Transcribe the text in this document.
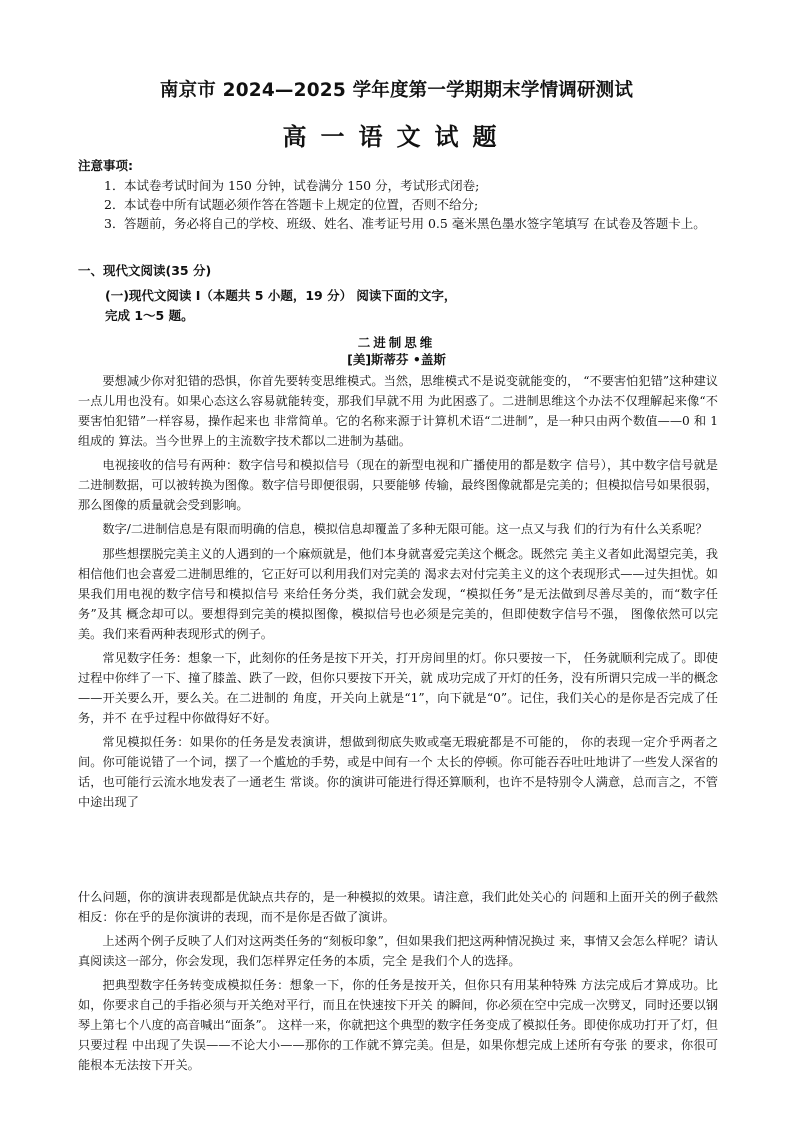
南京市 2024—2025 学年度第一学期期末学情调研测试
高一语文试题
注意事项:
1． 本试卷考试时间为 150 分钟，试卷满分 150 分，考试形式闭卷;
2． 本试卷中所有试题必须作答在答题卡上规定的位置，否则不给分;
3． 答题前，务必将自己的学校、班级、姓名、准考证号用 0.5 毫米黑色墨水签字笔填写 在试卷及答题卡上。
一、现代文阅读(35 分)
(一)现代文阅读 Ⅰ（本题共 5 小题，19 分） 阅读下面的文字，完成 1～5 题。
二进制思维
[美]斯蒂芬 •盖斯

要想减少你对犯错的恐惧，你首先要转变思维模式。当然，思维模式不是说变就能变的， “不要害怕犯错”这种建议一点儿用也没有。如果心态这么容易就能转变，那我们早就不用 为此困惑了。二进制思维这个办法不仅理解起来像“不要害怕犯错”一样容易，操作起来也 非常简单。它的名称来源于计算机术语“二进制”，是一种只由两个数值——0 和 1 组成的 算法。当今世界上的主流数字技术都以二进制为基础。

电视接收的信号有两种：数字信号和模拟信号（现在的新型电视和广播使用的都是数字 信号），其中数字信号就是二进制数据，可以被转换为图像。数字信号即便很弱，只要能够 传输，最终图像就都是完美的；但模拟信号如果很弱，那么图像的质量就会受到影响。

数字/二进制信息是有限而明确的信息，模拟信息却覆盖了多种无限可能。这一点又与我 们的行为有什么关系呢？

那些想摆脱完美主义的人遇到的一个麻烦就是，他们本身就喜爱完美这个概念。既然完 美主义者如此渴望完美，我相信他们也会喜爱二进制思维的，它正好可以利用我们对完美的 渴求去对付完美主义的这个表现形式——过失担忧。如果我们用电视的数字信号和模拟信号 来给任务分类，我们就会发现，“模拟任务”是无法做到尽善尽美的，而“数字任务”及其 概念却可以。要想得到完美的模拟图像，模拟信号也必须是完美的，但即使数字信号不强， 图像依然可以完美。我们来看两种表现形式的例子。

常见数字任务：想象一下，此刻你的任务是按下开关，打开房间里的灯。你只要按一下， 任务就顺利完成了。即使过程中你绊了一下、撞了膝盖、跌了一跤，但你只要按下开关，就 成功完成了开灯的任务，没有所谓只完成一半的概念——开关要么开，要么关。在二进制的 角度，开关向上就是“1”，向下就是“0”。记住，我们关心的是你是否完成了任务，并不 在乎过程中你做得好不好。

常见模拟任务：如果你的任务是发表演讲，想做到彻底失败或毫无瑕疵都是不可能的， 你的表现一定介乎两者之间。你可能说错了一个词，摆了一个尴尬的手势，或是中间有一个 太长的停顿。你可能吞吞吐吐地讲了一些发人深省的话，也可能行云流水地发表了一通老生 常谈。你的演讲可能进行得还算顺利，也许不是特别令人满意，总而言之，不管中途出现了

什么问题，你的演讲表现都是优缺点共存的，是一种模拟的效果。请注意，我们此处关心的 问题和上面开关的例子截然相反：你在乎的是你演讲的表现，而不是你是否做了演讲。

上述两个例子反映了人们对这两类任务的“刻板印象”，但如果我们把这两种情况换过 来，事情又会怎么样呢？请认真阅读这一部分，你会发现，我们怎样界定任务的本质，完全 是我们个人的选择。

把典型数字任务转变成模拟任务：想象一下，你的任务是按开关，但你只有用某种特殊 方法完成后才算成功。比如，你要求自己的手指必须与开关绝对平行，而且在快速按下开关 的瞬间，你必须在空中完成一次劈叉，同时还要以钢琴上第七个八度的高音喊出“面条”。 这样一来，你就把这个典型的数字任务变成了模拟任务。即使你成功打开了灯，但只要过程 中出现了失误——不论大小——那你的工作就不算完美。但是，如果你想完成上述所有夸张 的要求，你很可能根本无法按下开关。
